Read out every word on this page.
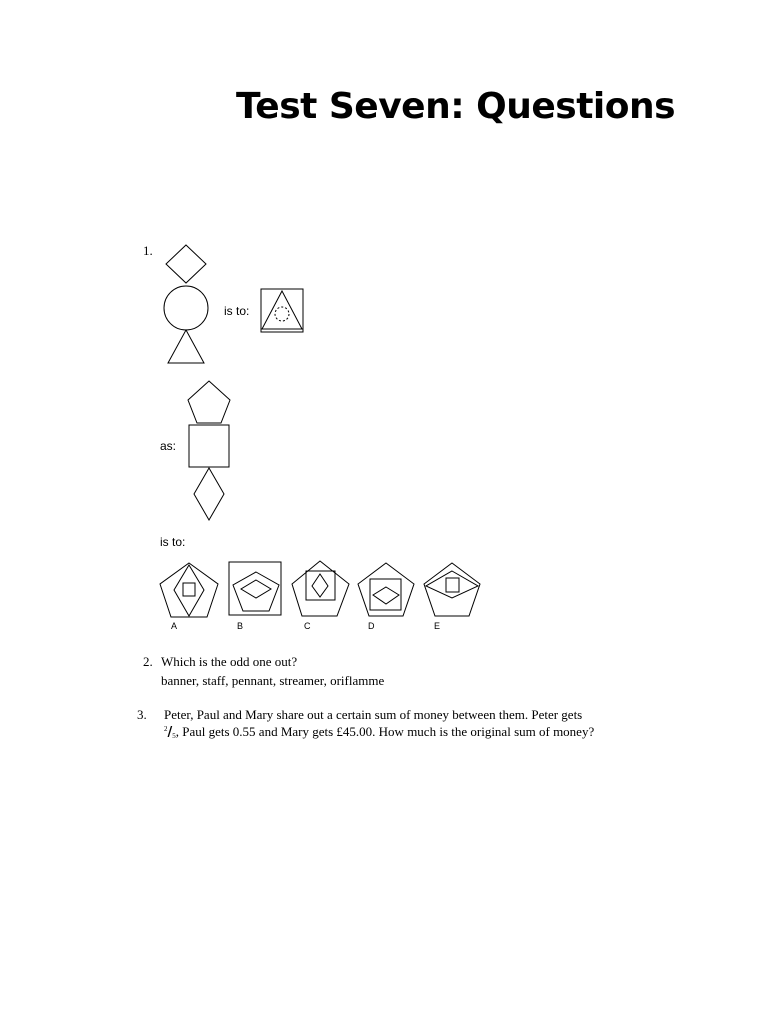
Test Seven: Questions
1.
is to:
as:
is to:
A	B	C	D	E
2. Which is the odd one out?
banner, staff, pennant, streamer, oriflamme
3. Peter, Paul and Mary share out a certain sum of money between them. Peter gets
$^2$/5, Paul gets 0.55 and Mary gets £45.00. How much is the original sum of money?
